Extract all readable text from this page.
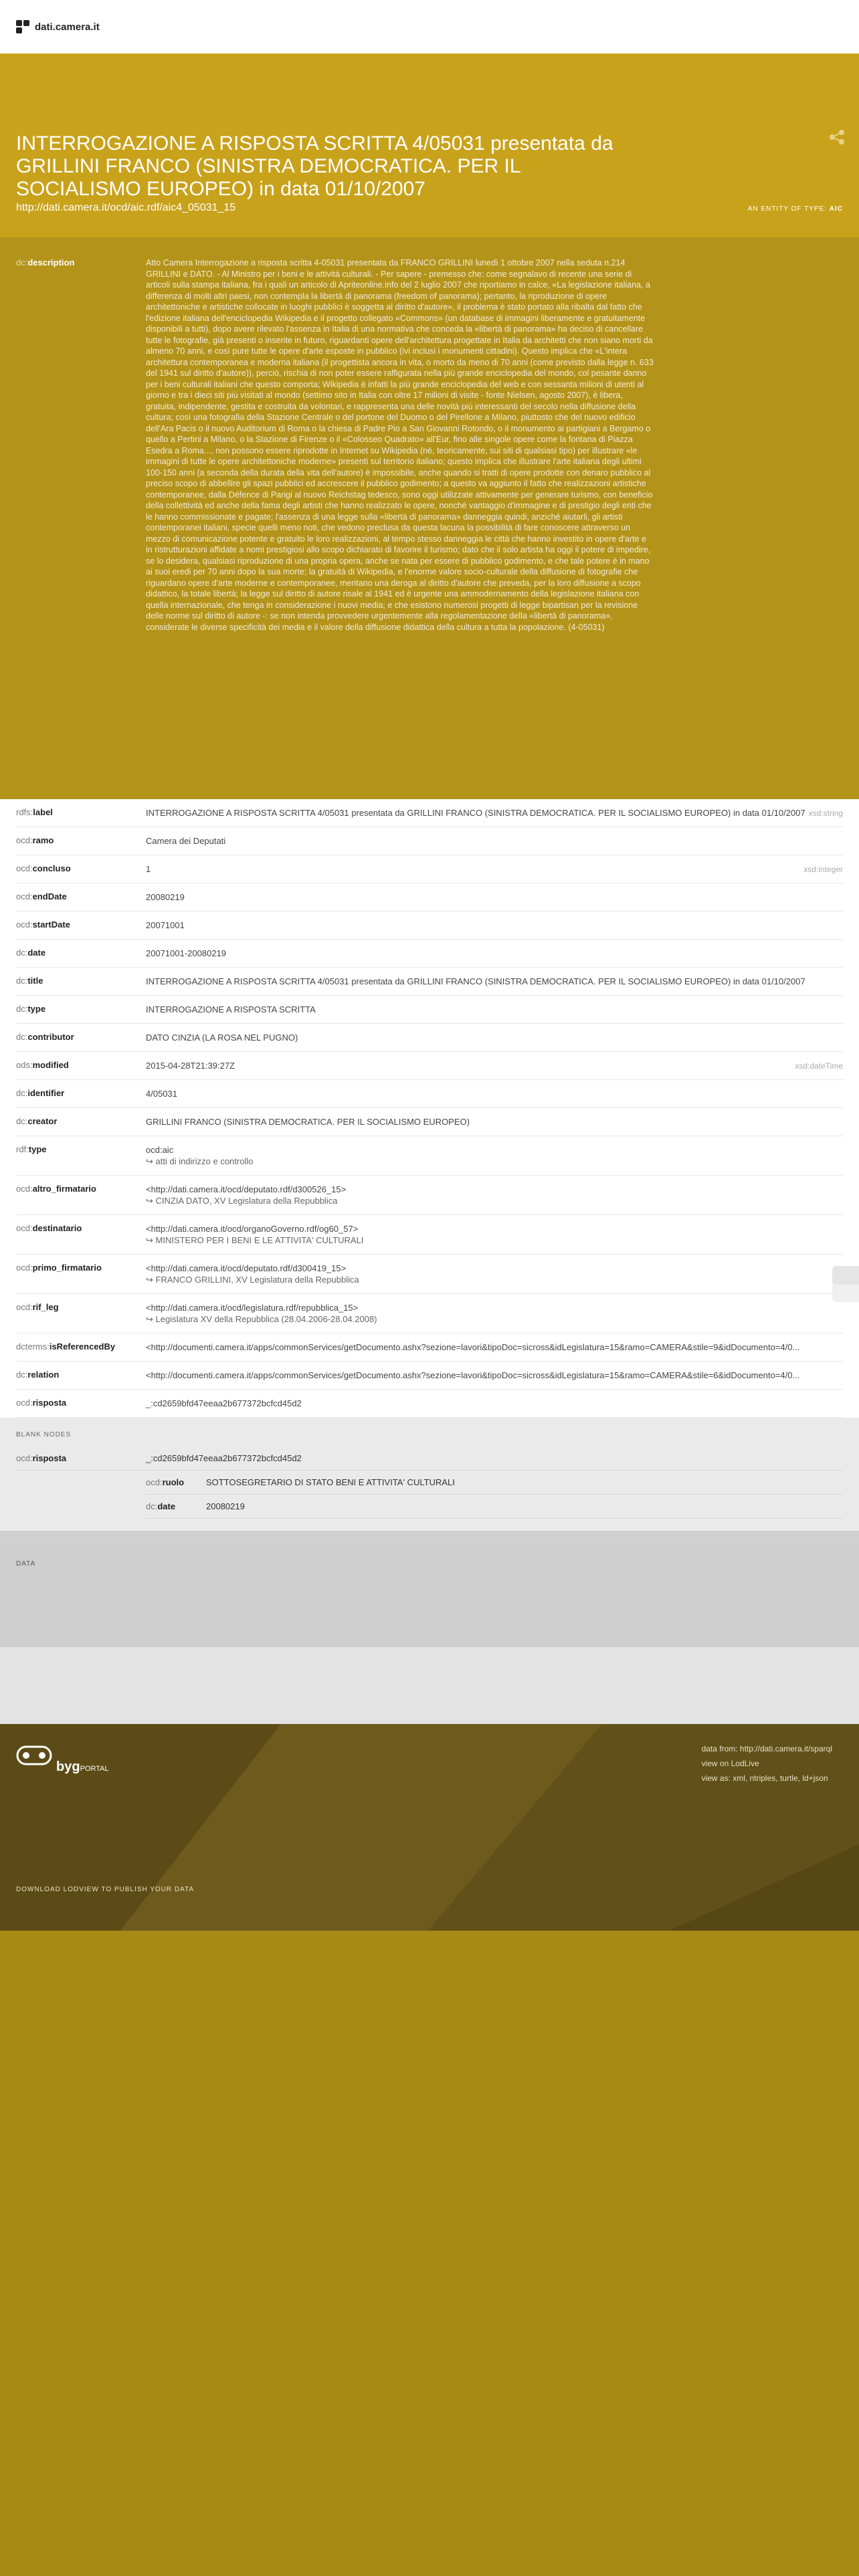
dati.camera.it
INTERROGAZIONE A RISPOSTA SCRITTA 4/05031 presentata da GRILLINI FRANCO (SINISTRA DEMOCRATICA. PER IL SOCIALISMO EUROPEO) in data 01/10/2007
http://dati.camera.it/ocd/aic.rdf/aic4_05031_15	AN ENTITY OF TYPE: AIC
dc:description	Atto Camera Interrogazione a risposta scritta 4-05031 presentata da FRANCO GRILLINI lunedì 1 ottobre 2007 nella seduta n.214 GRILLINI e DATO. - Al Ministro per i beni e le attività culturali. - Per sapere - premesso che: come segnalavo di recente una serie di articoli sulla stampa italiana, fra i quali un articolo di Apriteonline.info del 2 luglio 2007 che riportiamo in calce, «La legislazione italiana, a differenza di molti altri paesi, non contempla la libertà di panorama (freedom of panorama); pertanto, la riproduzione di opere architettoniche e artistiche collocate in luoghi pubblici è soggetta al diritto d'autore», il problema è stato portato alla ribalta dal fatto che l'edizione italiana dell'enciclopedia Wikipedia e il progetto collegato «Commons» (un database di immagini liberamente e gratuitamente disponibili a tutti), dopo avere rilevato l'assenza in Italia di una normativa che conceda la «libertà di panorama» ha deciso di cancellare tutte le fotografie, già presenti o inserite in futuro, riguardanti opere dell'architettura progettate in Italia da architetti che non siano morti da almeno 70 anni, e così pure tutte le opere d'arte esposte in pubblico (ivi inclusi i monumenti cittadini). Questo implica che «L'intera architettura contemporanea e moderna italiana (il progettista ancora in vita, o morto da meno di 70 anni (come previsto dalla legge n. 633 del 1941 sul diritto d'autore)), perciò, rischia di non poter essere raffigurata nella più grande enciclopedia del mondo, col pesante danno per i beni culturali italiani che questo comporta; Wikipedia è infatti la più grande enciclopedia del web e con sessanta milioni di utenti al giorno e tra i dieci siti più visitati al mondo (settimo sito in Italia con oltre 17 milioni di visite - fonte Nielsen, agosto 2007), è libera, gratuita, indipendente, gestita e costruita da volontari, e rappresenta una delle novità più interessanti del secolo nella diffusione della cultura; così una fotografia della Stazione Centrale o del portone del Duomo o del Pirellone a Milano, piuttosto che del nuovo edificio dell'Ara Pacis o il nuovo Auditorium di Roma o la chiesa di Padre Pio a San Giovanni Rotondo, o il monumento ai partigiani a Bergamo o quello a Pertini a Milano, o la Stazione di Firenze o il «Colosseo Quadrato» all'Eur, fino alle singole opere come la fontana di Piazza Esedra a Roma..., non possono essere riprodotte in Internet su Wikipedia (né, teoricamente, sui siti di qualsiasi tipo) per illustrare «le immagini di tutte le opere architettoniche moderne» presenti sul territorio italiano; questo implica che illustrare l'arte italiana degli ultimi 100-150 anni (a seconda della durata della vita dell'autore) è impossibile, anche quando si tratti di opere prodotte con denaro pubblico al preciso scopo di abbellire gli spazi pubblici ed accrescere il pubblico godimento; a questo va aggiunto il fatto che realizzazioni artistiche contemporanee, dalla Défence di Parigi al nuovo Reichstag tedesco, sono oggi utilizzate attivamente per generare turismo, con beneficio della collettività ed anche della fama degli artisti che hanno realizzato le opere, nonché vantaggio d'immagine e di prestigio degli enti che le hanno commissionate e pagate; l'assenza di una legge sulla «libertà di panorama» danneggia quindi, anziché aiutarli, gli artisti contemporanei italiani, specie quelli meno noti, che vedono preclusa da questa lacuna la possibilità di fare conoscere attraverso un mezzo di comunicazione potente e gratuito le loro realizzazioni, al tempo stesso danneggia le città che hanno investito in opere d'arte e in ristrutturazioni affidate a nomi prestigiosi allo scopo dichiarato di favorire il turismo; dato che il solo artista ha oggi il potere di impedire, se lo desidera, qualsiasi riproduzione di una propria opera, anche se nata per essere di pubblico godimento, e che tale potere è in mano ai suoi eredi per 70 anni dopo la sua morte; la gratuità di Wikipedia, e l'enorme valore socio-culturale della diffusione di fotografie che riguardano opere d'arte moderne e contemporanee, meritano una deroga al diritto d'autore che preveda, per la loro diffusione a scopo didattico, la totale libertà; la legge sul diritto di autore risale al 1941 ed è urgente una ammodernamento della legislazione italiana con quella internazionale, che tenga in considerazione i nuovi media; e che esistono numerosi progetti di legge bipartisan per la revisione delle norme sul diritto di autore -: se non intenda provvedere urgentemente alla regolamentazione della «libertà di panorama», considerate le diverse specificità dei media e il valore della diffusione didattica della cultura a tutta la popolazione. (4-05031)
rdfs:label	INTERROGAZIONE A RISPOSTA SCRITTA 4/05031 presentata da GRILLINI FRANCO (SINISTRA DEMOCRATICA. PER IL SOCIALISMO EUROPEO) in data 01/10/2007 xsd:string
ocd:ramo	Camera dei Deputati
ocd:concluso	1	xsd:integer
ocd:endDate	20080219
ocd:startDate	20071001
dc:date	20071001-20080219
dc:title	INTERROGAZIONE A RISPOSTA SCRITTA 4/05031 presentata da GRILLINI FRANCO (SINISTRA DEMOCRATICA. PER IL SOCIALISMO EUROPEO) in data 01/10/2007
dc:type	INTERROGAZIONE A RISPOSTA SCRITTA
dc:contributor	DATO CINZIA (LA ROSA NEL PUGNO)
ods:modified	2015-04-28T21:39:27Z	xsd:dateTime
dc:identifier	4/05031
dc:creator	GRILLINI FRANCO (SINISTRA DEMOCRATICA. PER IL SOCIALISMO EUROPEO)
rdf:type	ocd:aic
↪ atti di indirizzo e controllo
ocd:altro_firmatario	<http://dati.camera.it/ocd/deputato.rdf/d300526_15>
↪ CINZIA DATO, XV Legislatura della Repubblica
ocd:destinatario	<http://dati.camera.it/ocd/organoGoverno.rdf/og60_57>
↪ MINISTERO PER I BENI E LE ATTIVITA' CULTURALI
ocd:primo_firmatario	<http://dati.camera.it/ocd/deputato.rdf/d300419_15>
↪ FRANCO GRILLINI, XV Legislatura della Repubblica
ocd:rif_leg	<http://dati.camera.it/ocd/legislatura.rdf/repubblica_15>
↪ Legislatura XV della Repubblica (28.04.2006-28.04.2008)
dcterms:isReferencedBy	<http://documenti.camera.it/apps/commonServices/getDocumento.ashx?sezione=lavori&tipoDoc=sicross&idLegislatura=15&ramo=CAMERA&stile=9&idDocumento=4/0...
dc:relation	<http://documenti.camera.it/apps/commonServices/getDocumento.ashx?sezione=lavori&tipoDoc=sicross&idLegislatura=15&ramo=CAMERA&stile=6&idDocumento=4/0...
ocd:risposta	_:cd2659bfd47eeaa2b677372bcfcd45d2
BLANK NODES
ocd:risposta	_:cd2659bfd47eeaa2b677372bcfcd45d2
ocd:ruolo	SOTTOSEGRETARIO DI STATO BENI E ATTIVITA' CULTURALI
dc:date	20080219
DATA
bygPORTAL
data from: http://dati.camera.it/sparql
view on LodLive
view as: xml, ntriples, turtle, ld+json
DOWNLOAD LODVIEW TO PUBLISH YOUR DATA
